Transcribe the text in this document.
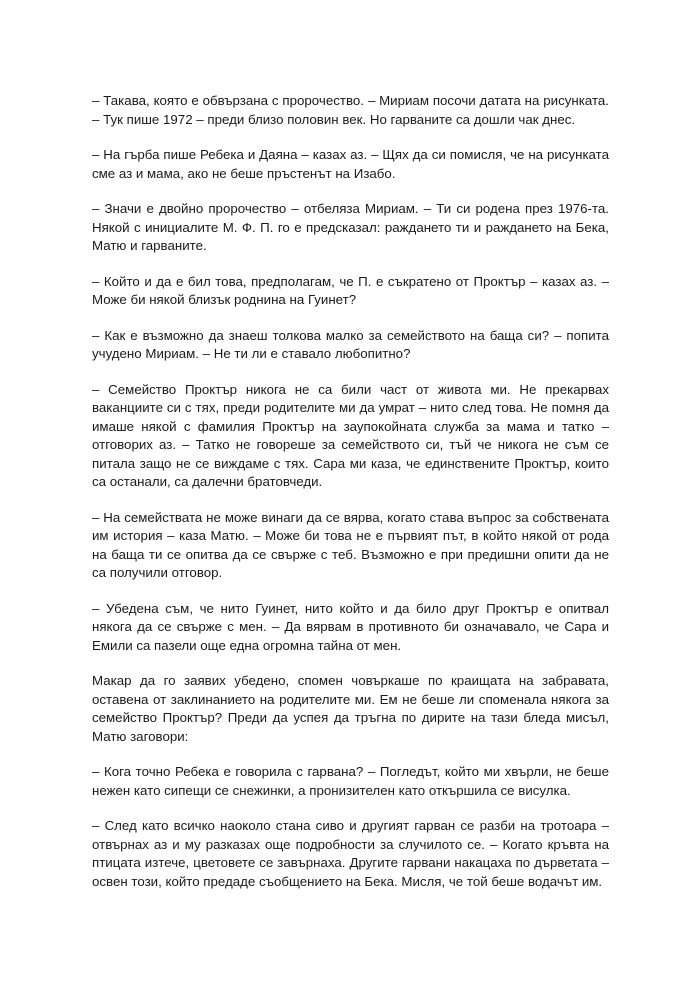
– Такава, която е обвързана с пророчество. – Мириам посочи датата на рисунката. – Тук пише 1972 – преди близо половин век. Но гарваните са дошли чак днес.

– На гърба пише Ребека и Даяна – казах аз. – Щях да си помисля, че на рисунката сме аз и мама, ако не беше пръстенът на Изабо.

– Значи е двойно пророчество – отбеляза Мириам. – Ти си родена през 1976-та. Някой с инициалите М. Ф. П. го е предсказал: раждането ти и раждането на Бека, Матю и гарваните.

– Който и да е бил това, предполагам, че П. е съкратено от Проктър – казах аз. – Може би някой близък роднина на Гуинет?

– Как е възможно да знаеш толкова малко за семейството на баща си? – попита учудено Мириам. – Не ти ли е ставало любопитно?

– Семейство Проктър никога не са били част от живота ми. Не прекарвах ваканциите си с тях, преди родителите ми да умрат – нито след това. Не помня да имаше някой с фамилия Проктър на заупокойната служба за мама и татко – отговорих аз. – Татко не говореше за семейството си, тъй че никога не съм се питала защо не се виждаме с тях. Сара ми каза, че единствените Проктър, които са останали, са далечни братовчеди.

– На семействата не може винаги да се вярва, когато става въпрос за собствената им история – каза Матю. – Може би това не е първият път, в който някой от рода на баща ти се опитва да се свърже с теб. Възможно е при предишни опити да не са получили отговор.

– Убедена съм, че нито Гуинет, нито който и да било друг Проктър е опитвал някога да се свърже с мен. – Да вярвам в противното би означавало, че Сара и Емили са пазели още една огромна тайна от мен.

Макар да го заявих убедено, спомен човъркаше по краищата на забравата, оставена от заклинанието на родителите ми. Ем не беше ли споменала някога за семейство Проктър? Преди да успея да тръгна по дирите на тази бледа мисъл, Матю заговори:

– Кога точно Ребека е говорила с гарвана? – Погледът, който ми хвърли, не беше нежен като сипещи се снежинки, а пронизителен като откършила се висулка.

– След като всичко наоколо стана сиво и другият гарван се разби на тротоара – отвърнах аз и му разказах още подробности за случилото се. – Когато кръвта на птицата изтече, цветовете се завърнаха. Другите гарвани накацаха по дърветата – освен този, който предаде съобщението на Бека. Мисля, че той беше водачът им.
